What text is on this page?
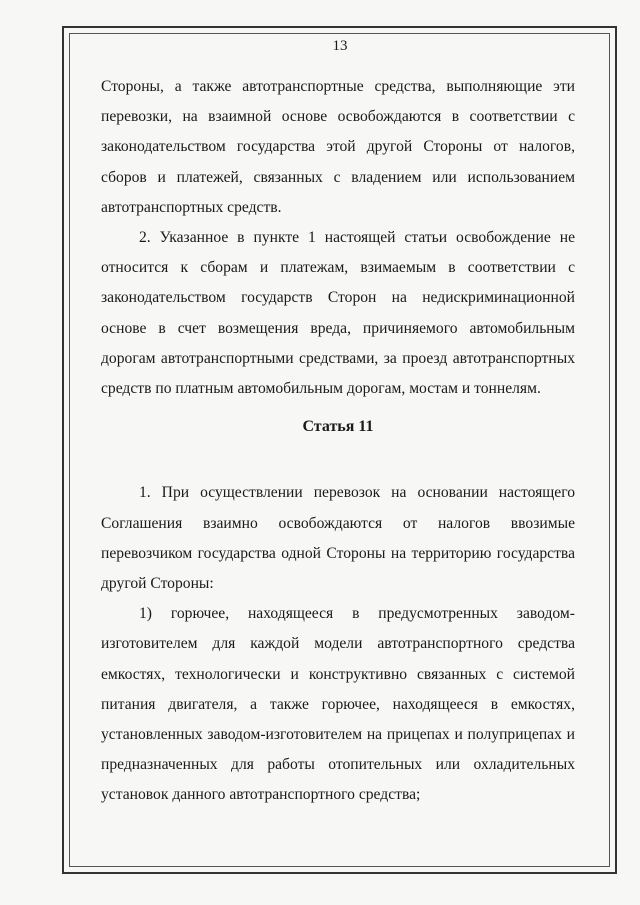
13

Стороны, а также автотранспортные средства, выполняющие эти перевозки, на взаимной основе освобождаются в соответствии с законодательством государства этой другой Стороны от налогов, сборов и платежей, связанных с владением или использованием автотранспортных средств.

2. Указанное в пункте 1 настоящей статьи освобождение не относится к сборам и платежам, взимаемым в соответствии с законодательством государств Сторон на недискриминационной основе в счет возмещения вреда, причиняемого автомобильным дорогам автотранспортными средствами, за проезд автотранспортных средств по платным автомобильным дорогам, мостам и тоннелям.

Статья 11

1. При осуществлении перевозок на основании настоящего Соглашения взаимно освобождаются от налогов ввозимые перевозчиком государства одной Стороны на территорию государства другой Стороны:

1) горючее, находящееся в предусмотренных заводом-изготовителем для каждой модели автотранспортного средства емкостях, технологически и конструктивно связанных с системой питания двигателя, а также горючее, находящееся в емкостях, установленных заводом-изготовителем на прицепах и полуприцепах и предназначенных для работы отопительных или охладительных установок данного автотранспортного средства;
